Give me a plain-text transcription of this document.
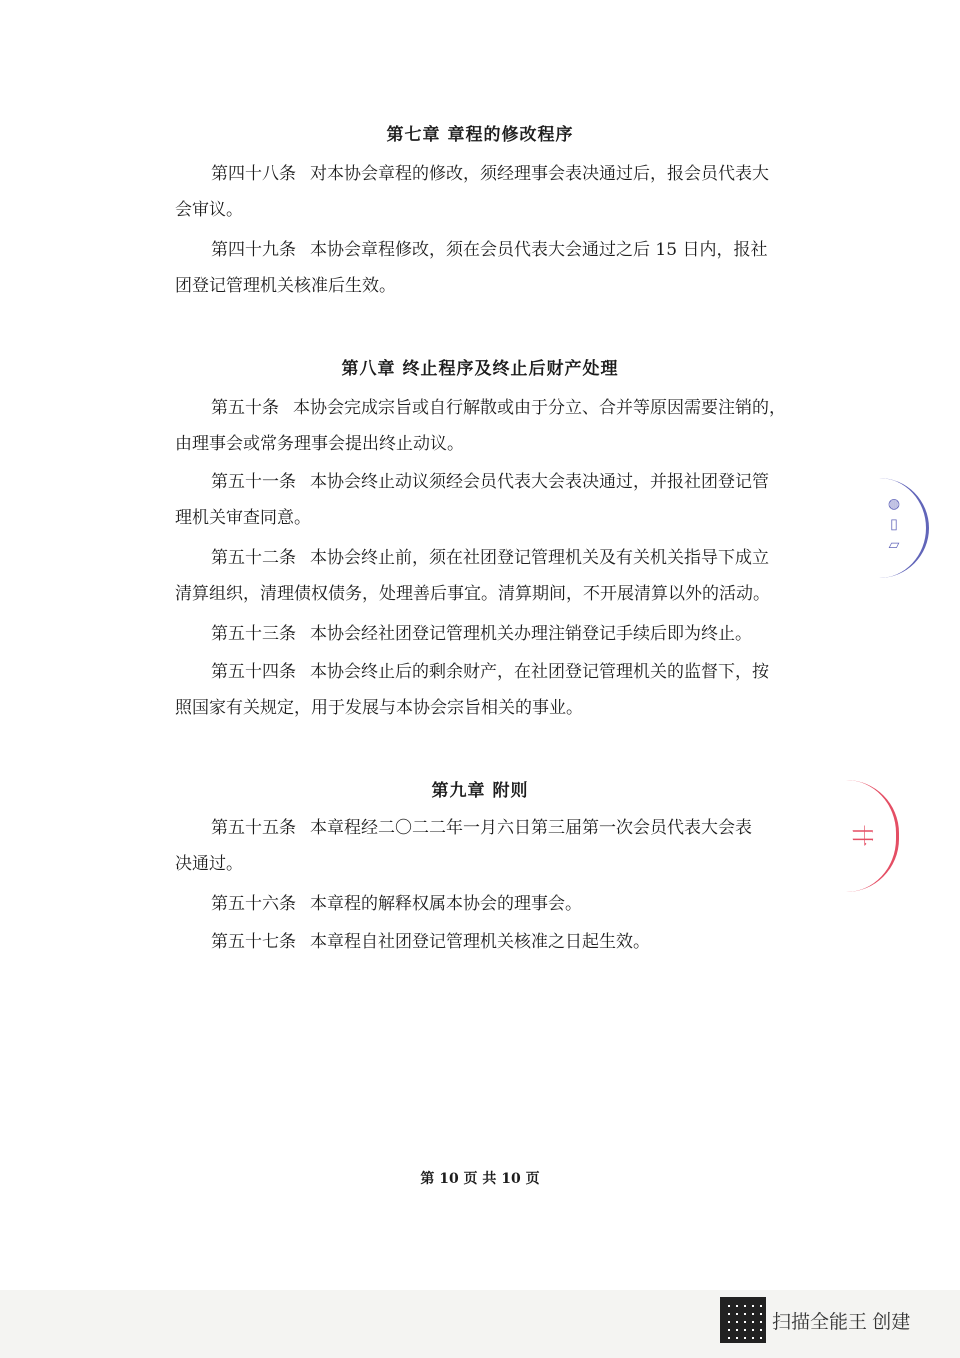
第七章 章程的修改程序

第四十八条 对本协会章程的修改，须经理事会表决通过后，报会员代表大
会审议。

第四十九条 本协会章程修改，须在会员代表大会通过之后 15 日内，报社
团登记管理机关核准后生效。

第八章 终止程序及终止后财产处理

第五十条 本协会完成宗旨或自行解散或由于分立、合并等原因需要注销的，
由理事会或常务理事会提出终止动议。

第五十一条 本协会终止动议须经会员代表大会表决通过，并报社团登记管
理机关审查同意。

第五十二条 本协会终止前，须在社团登记管理机关及有关机关指导下成立
清算组织，清理债权债务，处理善后事宜。清算期间，不开展清算以外的活动。

第五十三条 本协会经社团登记管理机关办理注销登记手续后即为终止。

第五十四条 本协会终止后的剩余财产，在社团登记管理机关的监督下，按
照国家有关规定，用于发展与本协会宗旨相关的事业。

第九章 附则

第五十五条 本章程经二〇二二年一月六日第三届第一次会员代表大会表
决通过。

第五十六条 本章程的解释权属本协会的理事会。

第五十七条 本章程自社团登记管理机关核准之日起生效。

第 10 页 共 10 页
◍ ▯ ▱
卄
扫描全能王 创建
